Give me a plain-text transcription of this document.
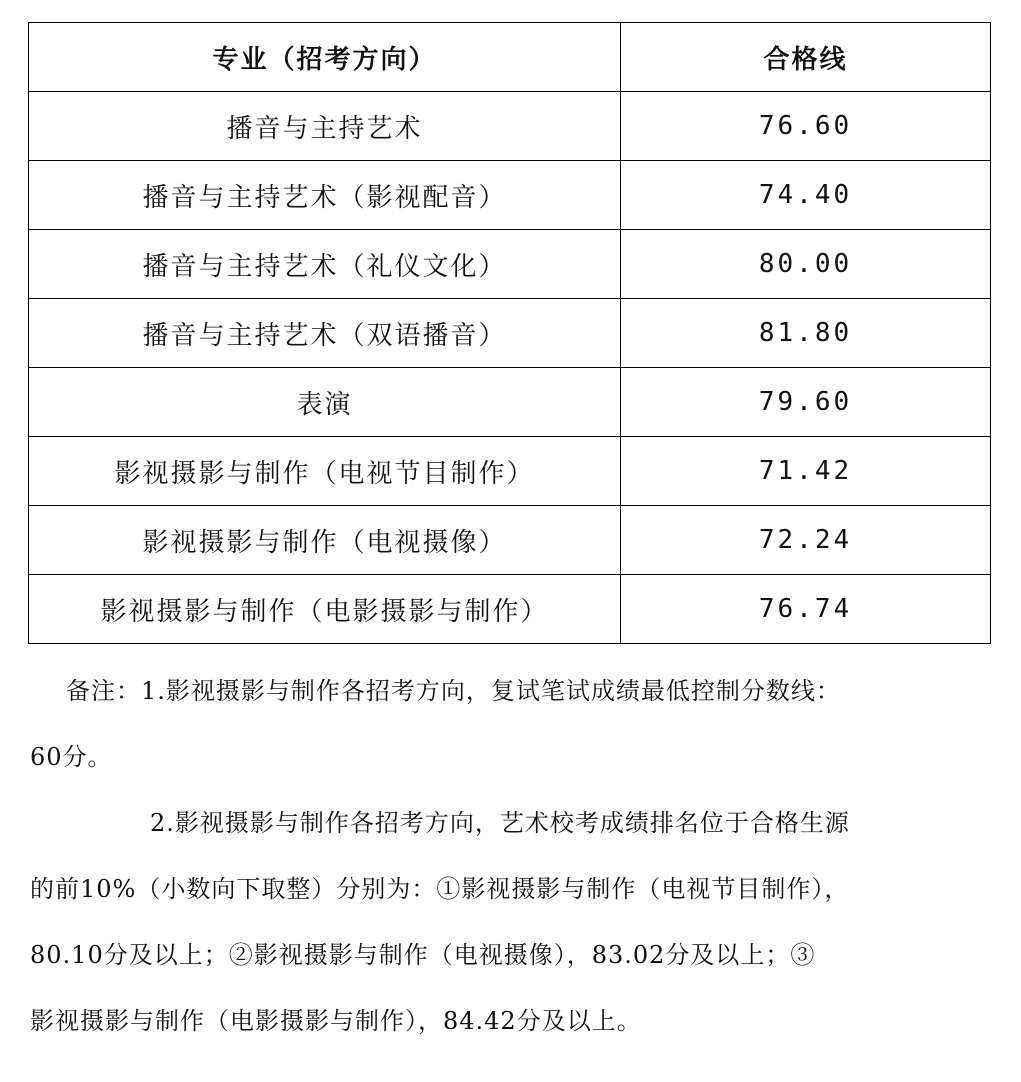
专业（招考方向）	合格线
播音与主持艺术	76.60
播音与主持艺术（影视配音）	74.40
播音与主持艺术（礼仪文化）	80.00
播音与主持艺术（双语播音）	81.80
表演	79.60
影视摄影与制作（电视节目制作）	71.42
影视摄影与制作（电视摄像）	72.24
影视摄影与制作（电影摄影与制作）	76.74

备注：1.影视摄影与制作各招考方向，复试笔试成绩最低控制分数线：

60分。

2.影视摄影与制作各招考方向，艺术校考成绩排名位于合格生源

的前10%（小数向下取整）分别为：①影视摄影与制作（电视节目制作），

80.10分及以上；②影视摄影与制作（电视摄像），83.02分及以上；③

影视摄影与制作（电影摄影与制作），84.42分及以上。
